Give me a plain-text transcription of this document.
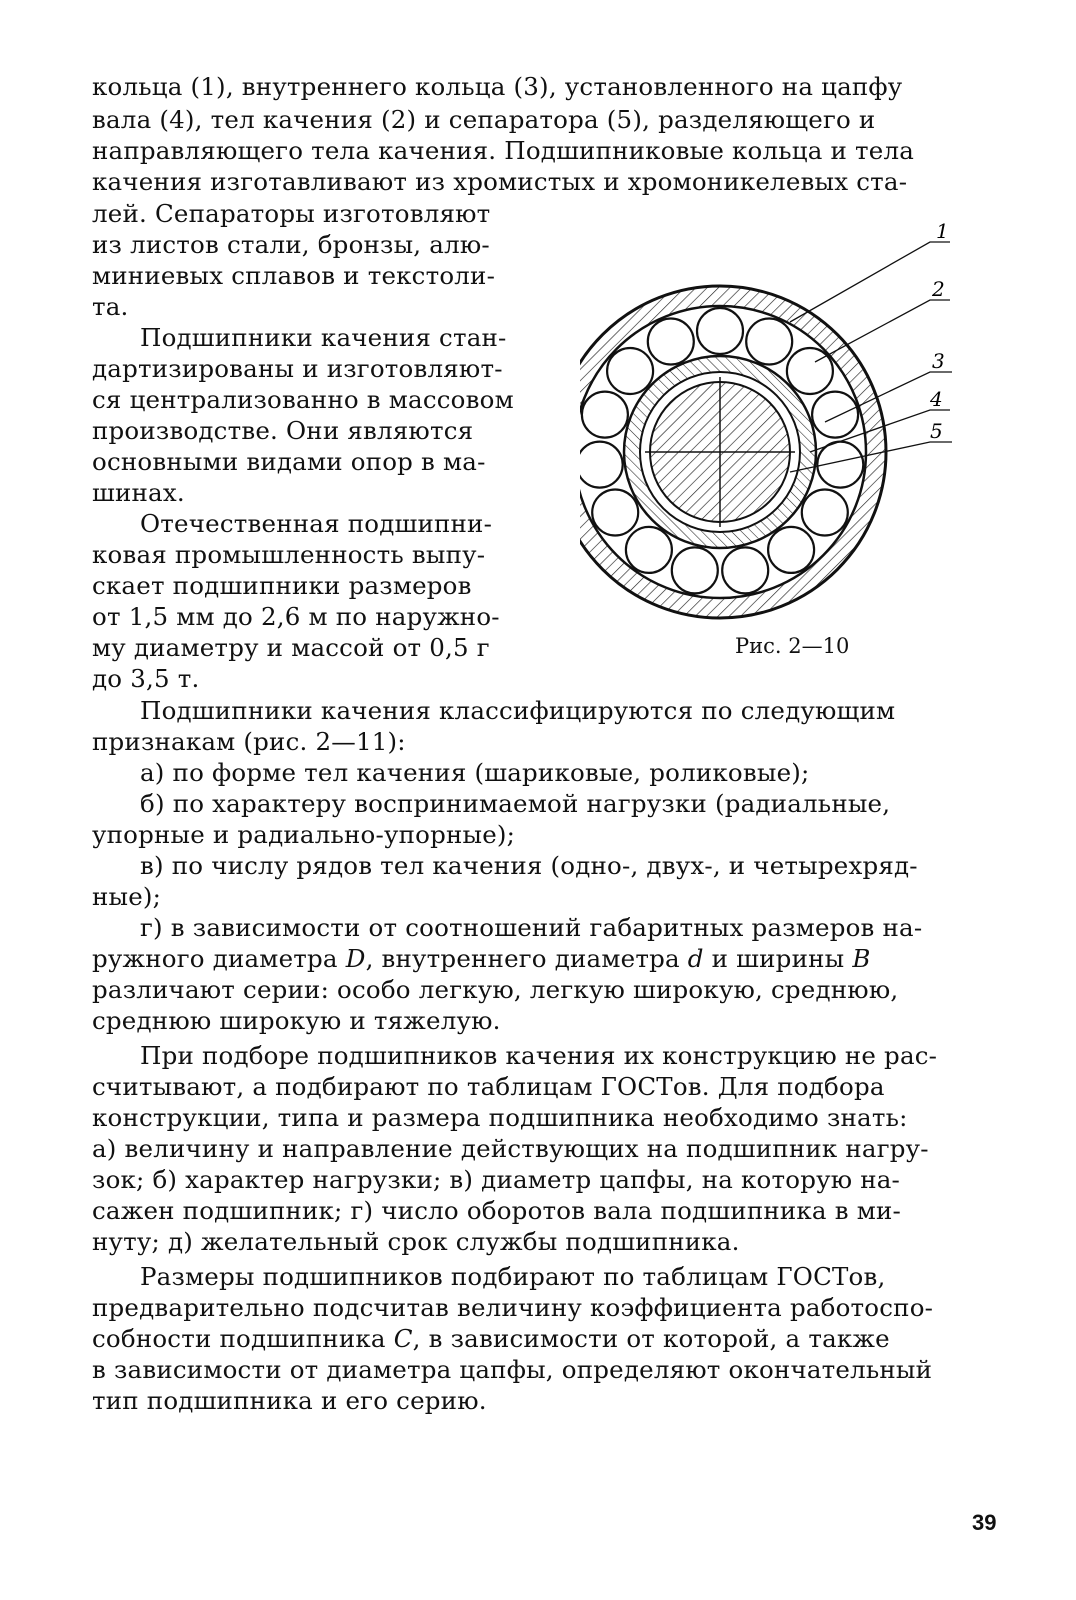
кольца (1), внутреннего кольца (3), установленного на цапфу
вала (4), тел качения (2) и сепаратора (5), разделяющего и
направляющего тела качения. Подшипниковые кольца и тела
качения изготавливают из хромистых и хромоникелевых ста-
лей. Сепараторы изготовляют
из листов стали, бронзы, алю-
миниевых сплавов и текстоли-
та.
Подшипники качения стан-
дартизированы и изготовляют-
ся централизованно в массовом
производстве. Они являются
основными видами опор в ма-
шинах.
Отечественная подшипни-
ковая промышленность выпу-
скает подшипники размеров
от 1,5 мм до 2,6 м по наружно-
му диаметру и массой от 0,5 г
до 3,5 т.
1
2
3
4
5
Рис. 2—10
Подшипники качения классифицируются по следующим
признакам (рис. 2—11):
а) по форме тел качения (шариковые, роликовые);
б) по характеру воспринимаемой нагрузки (радиальные,
упорные и радиально-упорные);
в) по числу рядов тел качения (одно-, двух-, и четырехряд-
ные);
г) в зависимости от соотношений габаритных размеров на-
ружного диаметра D, внутреннего диаметра d и ширины B
различают серии: особо легкую, легкую широкую, среднюю,
среднюю широкую и тяжелую.
При подборе подшипников качения их конструкцию не рас-
считывают, а подбирают по таблицам ГОСТов. Для подбора
конструкции, типа и размера подшипника необходимо знать:
а) величину и направление действующих на подшипник нагру-
зок; б) характер нагрузки; в) диаметр цапфы, на которую на-
сажен подшипник; г) число оборотов вала подшипника в ми-
нуту; д) желательный срок службы подшипника.
Размеры подшипников подбирают по таблицам ГОСТов,
предварительно подсчитав величину коэффициента работоспо-
собности подшипника C, в зависимости от которой, а также
в зависимости от диаметра цапфы, определяют окончательный
тип подшипника и его серию.
39
